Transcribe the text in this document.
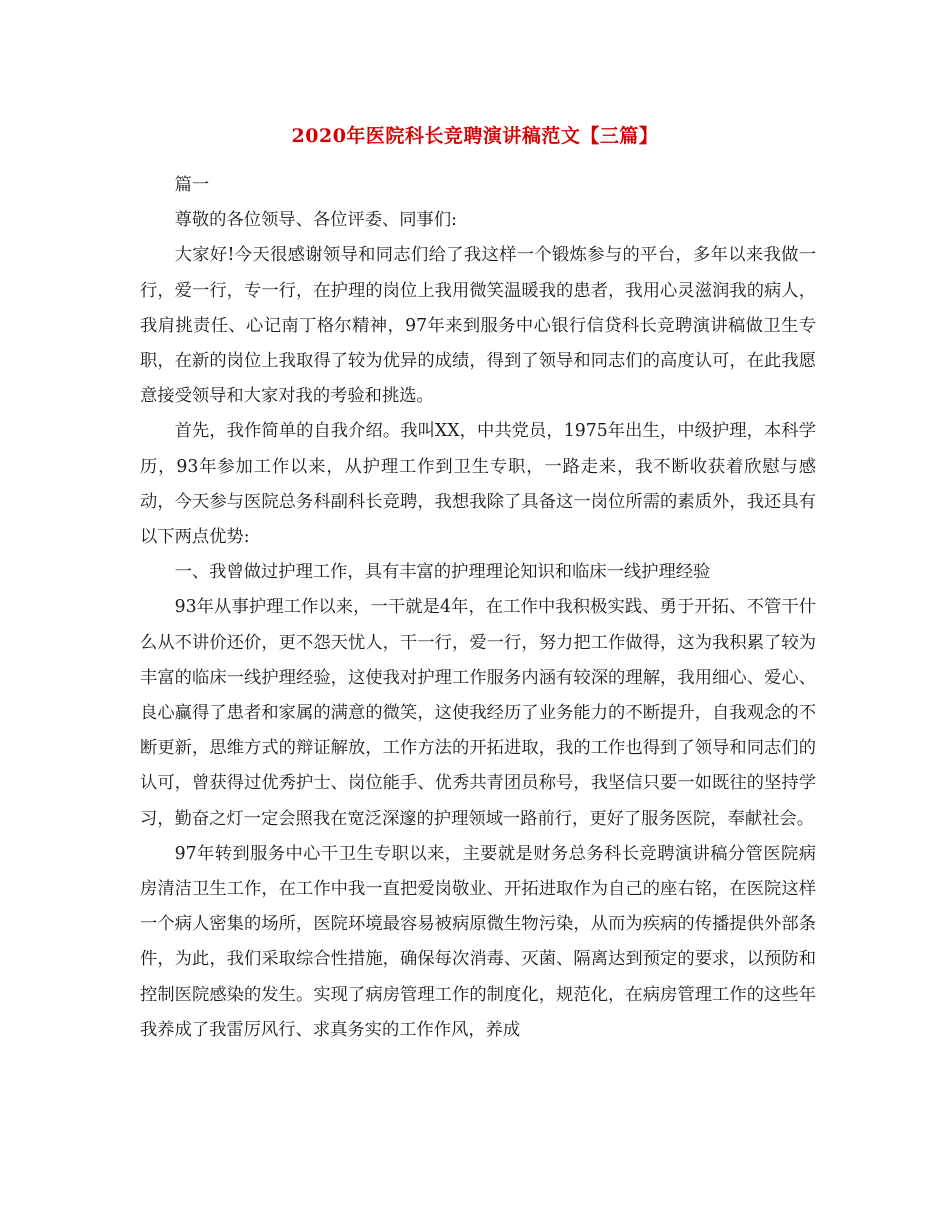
2020年医院科长竞聘演讲稿范文【三篇】

篇一

尊敬的各位领导、各位评委、同事们:

大家好!今天很感谢领导和同志们给了我这样一个锻炼参与的平台，多年以来我做一行，爱一行，专一行，在护理的岗位上我用微笑温暖我的患者，我用心灵滋润我的病人，我肩挑责任、心记南丁格尔精神，97年来到服务中心银行信贷科长竞聘演讲稿做卫生专职，在新的岗位上我取得了较为优异的成绩，得到了领导和同志们的高度认可，在此我愿意接受领导和大家对我的考验和挑选。

首先，我作简单的自我介绍。我叫XX，中共党员，1975年出生，中级护理，本科学历，93年参加工作以来，从护理工作到卫生专职，一路走来，我不断收获着欣慰与感动，今天参与医院总务科副科长竞聘，我想我除了具备这一岗位所需的素质外，我还具有以下两点优势:

一、我曾做过护理工作，具有丰富的护理理论知识和临床一线护理经验

93年从事护理工作以来，一干就是4年，在工作中我积极实践、勇于开拓、不管干什么从不讲价还价，更不怨天忧人，干一行，爱一行，努力把工作做得，这为我积累了较为丰富的临床一线护理经验，这使我对护理工作服务内涵有较深的理解，我用细心、爱心、良心赢得了患者和家属的满意的微笑，这使我经历了业务能力的不断提升，自我观念的不断更新，思维方式的辩证解放，工作方法的开拓进取，我的工作也得到了领导和同志们的认可，曾获得过优秀护士、岗位能手、优秀共青团员称号，我坚信只要一如既往的坚持学习，勤奋之灯一定会照我在宽泛深邃的护理领域一路前行，更好了服务医院，奉献社会。

97年转到服务中心干卫生专职以来，主要就是财务总务科长竞聘演讲稿分管医院病房清洁卫生工作，在工作中我一直把爱岗敬业、开拓进取作为自己的座右铭，在医院这样一个病人密集的场所，医院环境最容易被病原微生物污染，从而为疾病的传播提供外部条件，为此，我们采取综合性措施，确保每次消毒、灭菌、隔离达到预定的要求，以预防和控制医院感染的发生。实现了病房管理工作的制度化，规范化，在病房管理工作的这些年我养成了我雷厉风行、求真务实的工作作风，养成
